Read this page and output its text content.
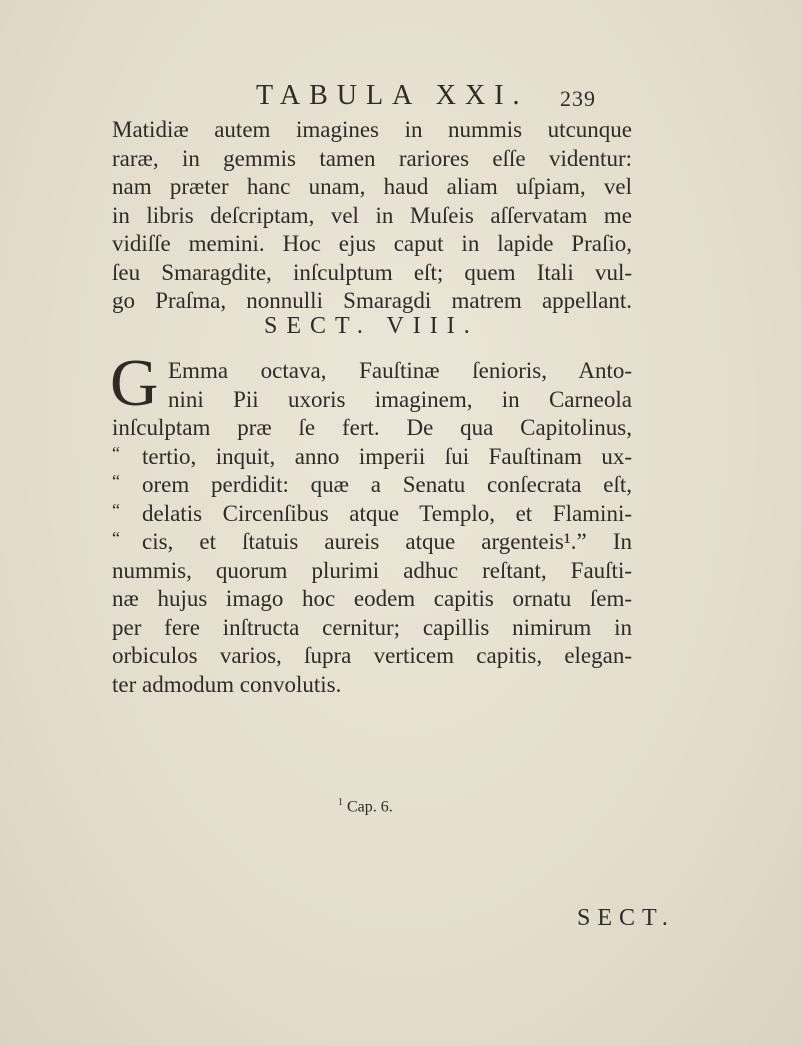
TABULA XXI. 239
Matidiæ autem imagines in nummis utcunque
raræ, in gemmis tamen rariores eſſe videntur:
nam præter hanc unam, haud aliam uſpiam, vel
in libris deſcriptam, vel in Muſeis aſſervatam me
vidiſſe memini. Hoc ejus caput in lapide Praſio,
ſeu Smaragdite, inſculptum eſt; quem Itali vul-
go Praſma, nonnulli Smaragdi matrem appellant.
SECT. VIII.
G Emma octava, Fauſtinæ ſenioris, Anto-
nini Pii uxoris imaginem, in Carneola
inſculptam præ ſe fert. De qua Capitolinus,
“ tertio, inquit, anno imperii ſui Fauſtinam ux-
“ orem perdidit: quæ a Senatu conſecrata eſt,
“ delatis Circenſibus atque Templo, et Flamini-
“ cis, et ſtatuis aureis atque argenteis¹.” In
nummis, quorum plurimi adhuc reſtant, Fauſti-
næ hujus imago hoc eodem capitis ornatu ſem-
per fere inſtructa cernitur; capillis nimirum in
orbiculos varios, ſupra verticem capitis, elegan-
ter admodum convolutis.
$^1$ Cap. 6.
SECT.
